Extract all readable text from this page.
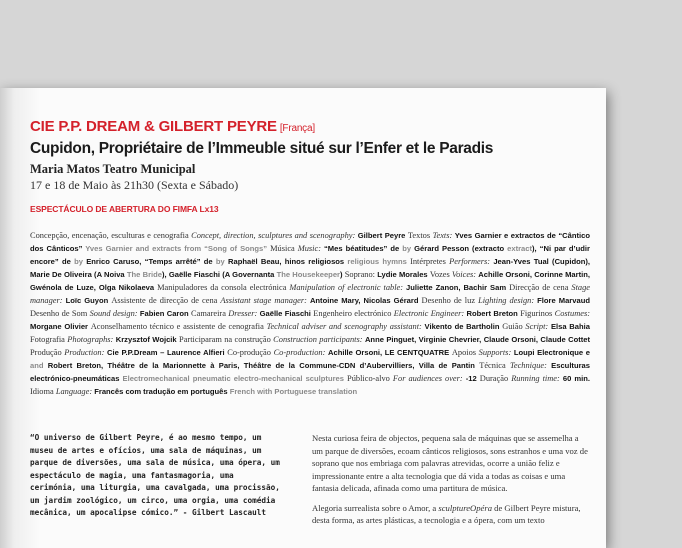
CIE P.P. DREAM & GILBERT PEYRE [França]

Cupidon, Propriétaire de l’Immeuble situé sur l’Enfer et le Paradis

Maria Matos Teatro Municipal

17 e 18 de Maio às 21h30 (Sexta e Sábado)

ESPECTÁCULO DE ABERTURA DO FIMFA Lx13

Concepção, encenação, esculturas e cenografia Concept, direction, sculptures and scenography: Gilbert Peyre Textos Texts: Yves Garnier e extractos de “Cântico dos Cânticos” Yves Garnier and extracts from “Song of Songs” Música Music: “Mes béatitudes” de by Gérard Pesson (extracto extract), “Ni par d’udir encore” de by Enrico Caruso, “Temps arrêté” de by Raphaël Beau, hinos religiosos religious hymns Intérpretes Performers: Jean-Yves Tual (Cupidon), Marie De Oliveira (A Noiva The Bride), Gaëlle Fiaschi (A Governanta The Housekeeper) Soprano: Lydie Morales Vozes Voices: Achille Orsoni, Corinne Martin, Gwénola de Luze, Olga Nikolaeva Manipuladores da consola electrónica Manipulation of electronic table: Juliette Zanon, Bachir Sam Direcção de cena Stage manager: Loïc Guyon Assistente de direcção de cena Assistant stage manager: Antoine Mary, Nicolas Gérard Desenho de luz Lighting design: Flore Marvaud Desenho de Som Sound design: Fabien Caron Camareira Dresser: Gaëlle Fiaschi Engenheiro electrónico Electronic Engineer: Robert Breton Figurinos Costumes: Morgane Olivier Aconselhamento técnico e assistente de cenografia Technical adviser and scenography assistant: Vikento de Bartholin Guião Script: Elsa Bahia Fotografia Photographs: Krzysztof Wojcik Participaram na construção Construction participants: Anne Pinguet, Virginie Chevrier, Claude Orsoni, Claude Cottet Produção Production: Cie P.P.Dream – Laurence Alfieri Co-produção Co-production: Achille Orsoni, LE CENTQUATRE Apoios Supports: Loupi Electronique e and Robert Breton, Théâtre de la Marionnette à Paris, Théâtre de la Commune-CDN d’Aubervilliers, Villa de Pantin Técnica Technique: Esculturas electrónico-pneumáticas Electromechanical pneumatic electro-mechanical sculptures Público-alvo For audiences over: -12 Duração Running time: 60 min. Idioma Language: Francês com tradução em português French with Portuguese translation

“O universo de Gilbert Peyre, é ao mesmo tempo, um museu de artes e ofícios, uma sala de máquinas, um parque de diversões, uma sala de música, uma ópera, um espectáculo de magia, uma fantasmagoria, uma cerimónia, uma liturgia, uma cavalgada, uma procissão, um jardim zoológico, um circo, uma orgia, uma comédia mecânica, um apocalipse cómico.” - Gilbert Lascault

Nesta curiosa feira de objectos, pequena sala de máquinas que se assemelha a um parque de diversões, ecoam cânticos religiosos, sons estranhos e uma voz de soprano que nos embriaga com palavras atrevidas, ocorre a união feliz e impressionante entre a alta tecnologia que dá vida a todas as coisas e uma fantasia delicada, afinada como uma partitura de música.

Alegoria surrealista sobre o Amor, a sculptureOpéra de Gilbert Peyre mistura, desta forma, as artes plásticas, a tecnologia e a ópera, com um texto
